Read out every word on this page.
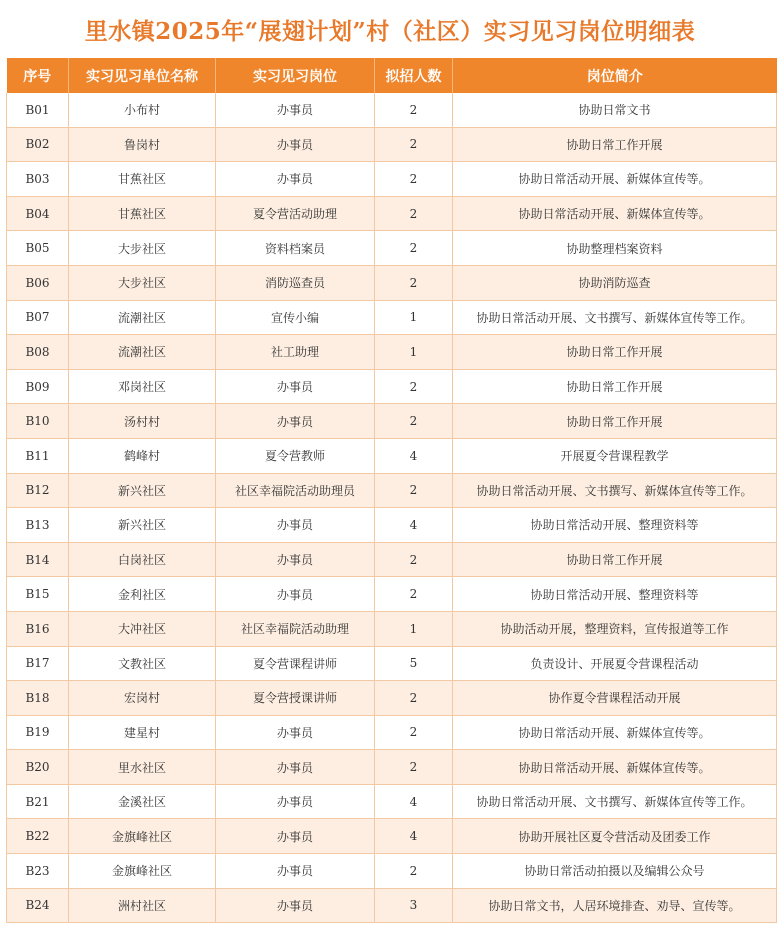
里水镇2025年“展翅计划”村（社区）实习见习岗位明细表
序号	实习见习单位名称	实习见习岗位	拟招人数	岗位简介
B01	小布村	办事员	2	协助日常文书
B02	鲁岗村	办事员	2	协助日常工作开展
B03	甘蕉社区	办事员	2	协助日常活动开展、新媒体宣传等。
B04	甘蕉社区	夏令营活动助理	2	协助日常活动开展、新媒体宣传等。
B05	大步社区	资料档案员	2	协助整理档案资料
B06	大步社区	消防巡查员	2	协助消防巡查
B07	流潮社区	宣传小编	1	协助日常活动开展、文书撰写、新媒体宣传等工作。
B08	流潮社区	社工助理	1	协助日常工作开展
B09	邓岗社区	办事员	2	协助日常工作开展
B10	汤村村	办事员	2	协助日常工作开展
B11	鹤峰村	夏令营教师	4	开展夏令营课程教学
B12	新兴社区	社区幸福院活动助理员	2	协助日常活动开展、文书撰写、新媒体宣传等工作。
B13	新兴社区	办事员	4	协助日常活动开展、整理资料等
B14	白岗社区	办事员	2	协助日常工作开展
B15	金利社区	办事员	2	协助日常活动开展、整理资料等
B16	大冲社区	社区幸福院活动助理	1	协助活动开展，整理资料，宣传报道等工作
B17	文教社区	夏令营课程讲师	5	负责设计、开展夏令营课程活动
B18	宏岗村	夏令营授课讲师	2	协作夏令营课程活动开展
B19	建星村	办事员	2	协助日常活动开展、新媒体宣传等。
B20	里水社区	办事员	2	协助日常活动开展、新媒体宣传等。
B21	金溪社区	办事员	4	协助日常活动开展、文书撰写、新媒体宣传等工作。
B22	金旗峰社区	办事员	4	协助开展社区夏令营活动及团委工作
B23	金旗峰社区	办事员	2	协助日常活动拍摄以及编辑公众号
B24	洲村社区	办事员	3	协助日常文书，人居环境排查、劝导、宣传等。
